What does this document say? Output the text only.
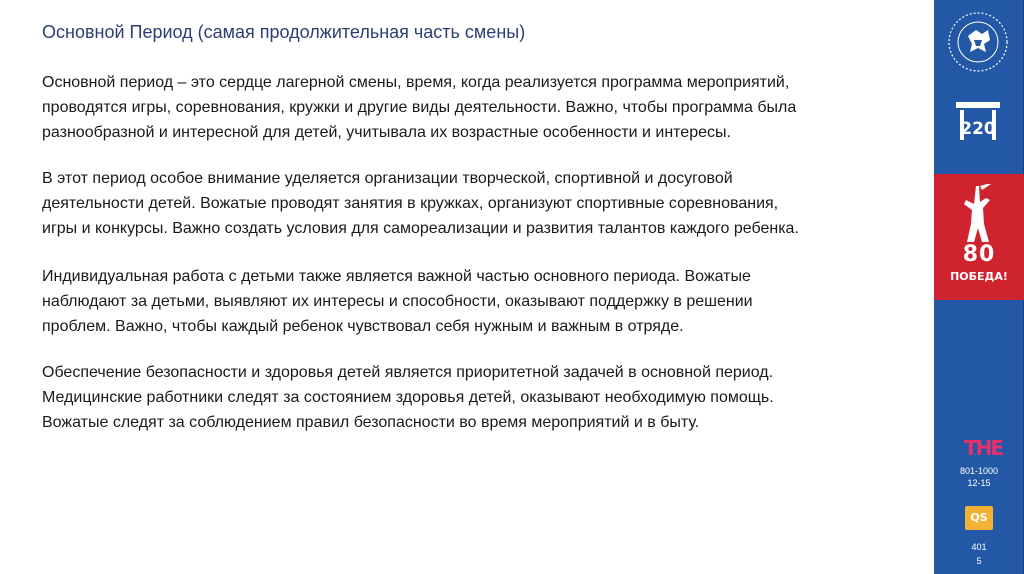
Основной Период (самая продолжительная часть смены)

Основной период – это сердце лагерной смены, время, когда реализуется программа мероприятий,
проводятся игры, соревнования, кружки и другие виды деятельности. Важно, чтобы программа была
разнообразной и интересной для детей, учитывала их возрастные особенности и интересы.

В этот период особое внимание уделяется организации творческой, спортивной и досуговой
деятельности детей. Вожатые проводят занятия в кружках, организуют спортивные соревнования,
игры и конкурсы. Важно создать условия для самореализации и развития талантов каждого ребенка.

Индивидуальная работа с детьми также является важной частью основного периода. Вожатые
наблюдают за детьми, выявляют их интересы и способности, оказывают поддержку в решении
проблем. Важно, чтобы каждый ребенок чувствовал себя нужным и важным в отряде.

Обеспечение безопасности и здоровья детей является приоритетной задачей в основной период.
Медицинские работники следят за состоянием здоровья детей, оказывают необходимую помощь.
Вожатые следят за соблюдением правил безопасности во время мероприятий и в быту.

220

80

ПОБЕДА!

THE

801-1000

12-15

QS

401

5
